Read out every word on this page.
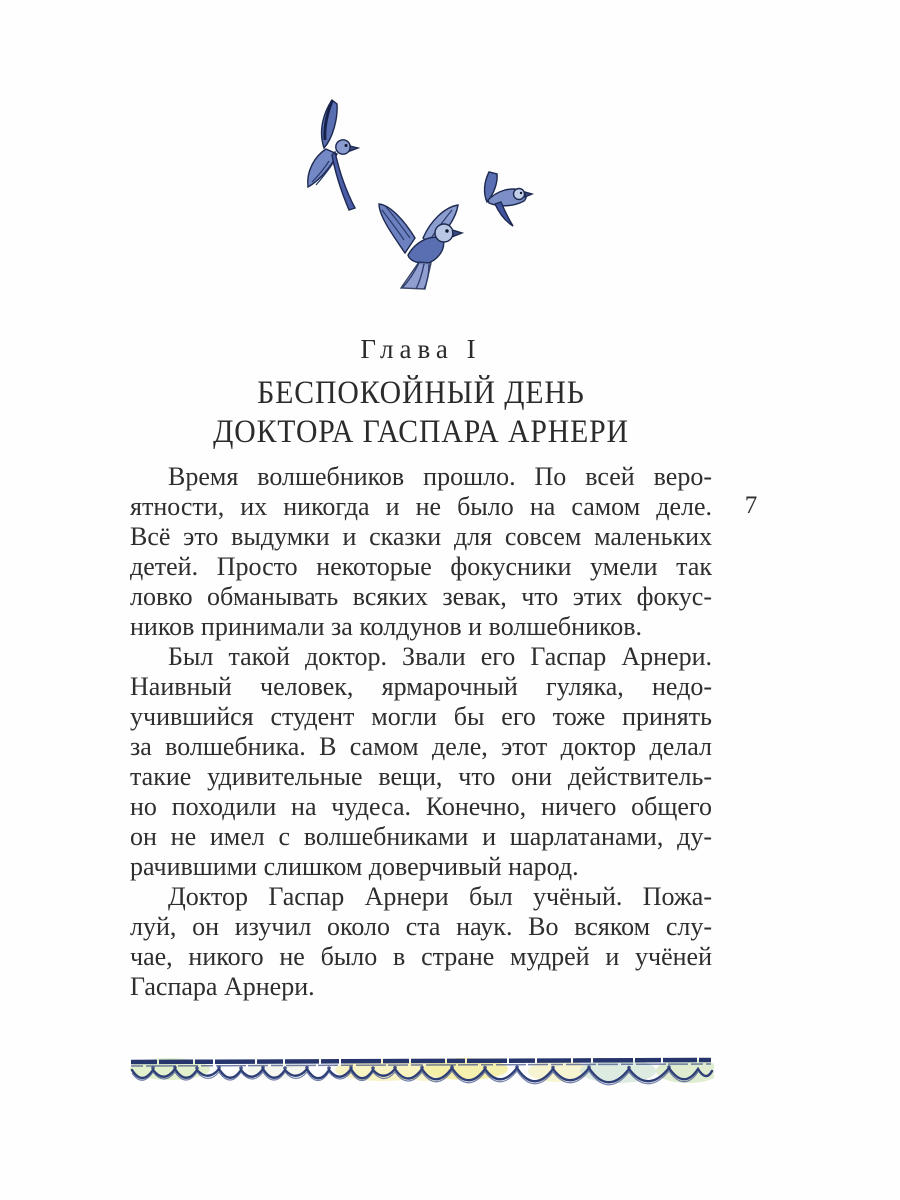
Глава I
БЕСПОКОЙНЫЙ ДЕНЬ
ДОКТОРА ГАСПАРА АРНЕРИ
7
Время волшебников прошло. По всей веро-
ятности, их никогда и не было на самом деле.
Всё это выдумки и сказки для совсем маленьких
детей. Просто некоторые фокусники умели так
ловко обманывать всяких зевак, что этих фокус-
ников принимали за колдунов и волшебников.
Был такой доктор. Звали его Гаспар Арнери.
Наивный человек, ярмарочный гуляка, недо-
учившийся студент могли бы его тоже принять
за волшебника. В самом деле, этот доктор делал
такие удивительные вещи, что они действитель-
но походили на чудеса. Конечно, ничего общего
он не имел с волшебниками и шарлатанами, ду-
рачившими слишком доверчивый народ.
Доктор Гаспар Арнери был учёный. Пожа-
луй, он изучил около ста наук. Во всяком слу-
чае, никого не было в стране мудрей и учёней
Гаспара Арнери.
